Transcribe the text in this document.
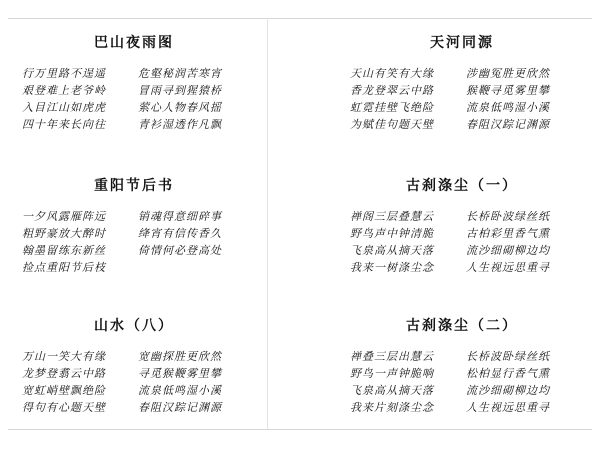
巴山夜雨图
行万里路不逞遥	危壑秘润苦寒宵
艰登难上老爷岭	冒雨寻到猩猿桥
入目江山如虎虎	萦心人物春风摇
四十年来长向往	青衫湿透作凡飘
重阳节后书
一夕风露雁阵远	销魂得意细碎事
粗野豪放大醉时	绛宵有信传香久
翰墨留练东新丝	倚情何必登高处
捡点重阳节后枝
山水（八）
万山一笑大有缘	宽幽探胜更欣然
龙梦登翥云中路	寻觅猴鞭雾里攀
宽虹峭壁飘绝险	流泉低鸣湿小溪
得句有心题天壁	春阻汉踪记渊源
天河同源
天山有笑有大缘	涉幽冤胜更欣然
香龙登翠云中路	猴鞭寻觅雾里攀
虹霓挂壁飞绝险	流泉低鸣湿小溪
为赋佳句题天壁	春阻汉踪记渊源
古刹涤尘（一）
禅阁三层叠慧云	长桥卧波绿丝纸
野鸟声中钟清脆	古柏彩里香气熏
飞泉高从摘天落	流沙细砌柳边均
我来一树涤尘念	人生视远思重寻
古刹涤尘（二）
禅叠三层出慧云	长桥波卧绿丝纸
野鸟一声钟脆响	松柏显行香气熏
飞泉高从摘天落	流沙细砌柳边均
我来片刻涤尘念	人生视远思重寻
